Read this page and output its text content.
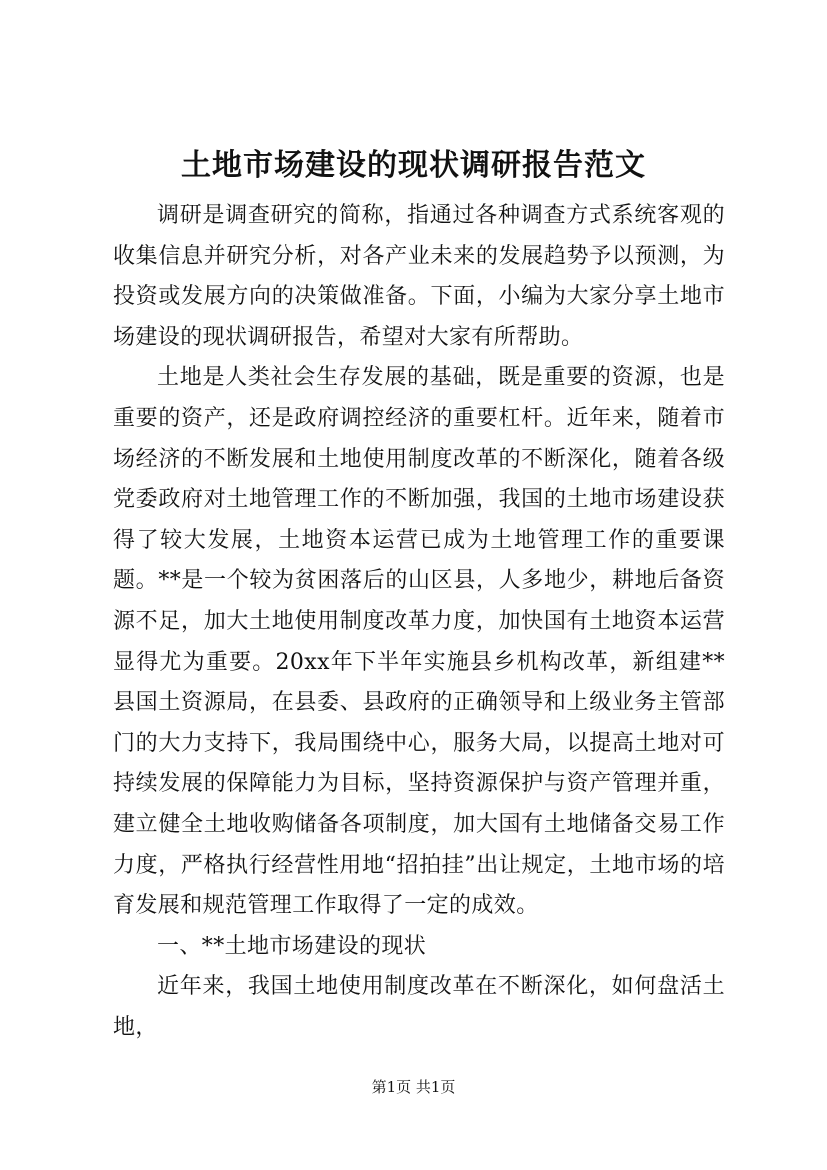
土地市场建设的现状调研报告范文

调研是调查研究的简称，指通过各种调查方式系统客观的收集信息并研究分析，对各产业未来的发展趋势予以预测，为投资或发展方向的决策做准备。下面，小编为大家分享土地市场建设的现状调研报告，希望对大家有所帮助。

土地是人类社会生存发展的基础，既是重要的资源，也是重要的资产，还是政府调控经济的重要杠杆。近年来，随着市场经济的不断发展和土地使用制度改革的不断深化，随着各级党委政府对土地管理工作的不断加强，我国的土地市场建设获得了较大发展，土地资本运营已成为土地管理工作的重要课题。**是一个较为贫困落后的山区县，人多地少，耕地后备资源不足，加大土地使用制度改革力度，加快国有土地资本运营显得尤为重要。20xx年下半年实施县乡机构改革，新组建**县国土资源局，在县委、县政府的正确领导和上级业务主管部门的大力支持下，我局围绕中心，服务大局，以提高土地对可持续发展的保障能力为目标，坚持资源保护与资产管理并重，建立健全土地收购储备各项制度，加大国有土地储备交易工作力度，严格执行经营性用地“招拍挂”出让规定，土地市场的培育发展和规范管理工作取得了一定的成效。

一、**土地市场建设的现状

近年来，我国土地使用制度改革在不断深化，如何盘活土地，

第1页 共1页
